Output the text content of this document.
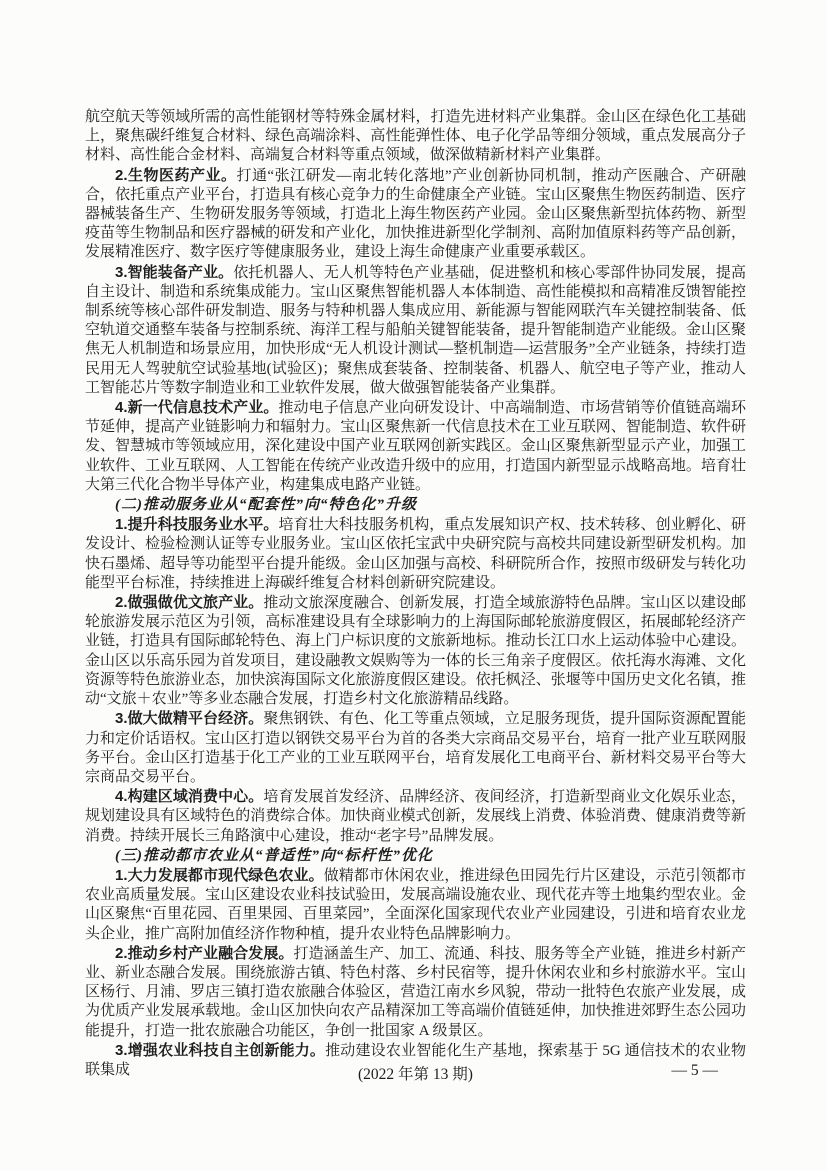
航空航天等领域所需的高性能钢材等特殊金属材料，打造先进材料产业集群。金山区在绿色化工基础上，聚焦碳纤维复合材料、绿色高端涂料、高性能弹性体、电子化学品等细分领域，重点发展高分子材料、高性能合金材料、高端复合材料等重点领域，做深做精新材料产业集群。

2.生物医药产业。打通“张江研发—南北转化落地”产业创新协同机制，推动产医融合、产研融合，依托重点产业平台，打造具有核心竞争力的生命健康全产业链。宝山区聚焦生物医药制造、医疗器械装备生产、生物研发服务等领域，打造北上海生物医药产业园。金山区聚焦新型抗体药物、新型疫苗等生物制品和医疗器械的研发和产业化，加快推进新型化学制剂、高附加值原料药等产品创新，发展精准医疗、数字医疗等健康服务业，建设上海生命健康产业重要承载区。

3.智能装备产业。依托机器人、无人机等特色产业基础，促进整机和核心零部件协同发展，提高自主设计、制造和系统集成能力。宝山区聚焦智能机器人本体制造、高性能模拟和高精准反馈智能控制系统等核心部件研发制造、服务与特种机器人集成应用、新能源与智能网联汽车关键控制装备、低空轨道交通整车装备与控制系统、海洋工程与船舶关键智能装备，提升智能制造产业能级。金山区聚焦无人机制造和场景应用，加快形成“无人机设计测试—整机制造—运营服务”全产业链条，持续打造民用无人驾驶航空试验基地(试验区)；聚焦成套装备、控制装备、机器人、航空电子等产业，推动人工智能芯片等数字制造业和工业软件发展，做大做强智能装备产业集群。

4.新一代信息技术产业。推动电子信息产业向研发设计、中高端制造、市场营销等价值链高端环节延伸，提高产业链影响力和辐射力。宝山区聚焦新一代信息技术在工业互联网、智能制造、软件研发、智慧城市等领域应用，深化建设中国产业互联网创新实践区。金山区聚焦新型显示产业，加强工业软件、工业互联网、人工智能在传统产业改造升级中的应用，打造国内新型显示战略高地。培育壮大第三代化合物半导体产业，构建集成电路产业链。

(二)推动服务业从“配套性”向“特色化”升级

1.提升科技服务业水平。培育壮大科技服务机构，重点发展知识产权、技术转移、创业孵化、研发设计、检验检测认证等专业服务业。宝山区依托宝武中央研究院与高校共同建设新型研发机构。加快石墨烯、超导等功能型平台提升能级。金山区加强与高校、科研院所合作，按照市级研发与转化功能型平台标准，持续推进上海碳纤维复合材料创新研究院建设。

2.做强做优文旅产业。推动文旅深度融合、创新发展，打造全域旅游特色品牌。宝山区以建设邮轮旅游发展示范区为引领，高标准建设具有全球影响力的上海国际邮轮旅游度假区，拓展邮轮经济产业链，打造具有国际邮轮特色、海上门户标识度的文旅新地标。推动长江口水上运动体验中心建设。金山区以乐高乐园为首发项目，建设融教文娱购等为一体的长三角亲子度假区。依托海水海滩、文化资源等特色旅游业态，加快滨海国际文化旅游度假区建设。依托枫泾、张堰等中国历史文化名镇，推动“文旅＋农业”等多业态融合发展，打造乡村文化旅游精品线路。

3.做大做精平台经济。聚焦钢铁、有色、化工等重点领域，立足服务现货，提升国际资源配置能力和定价话语权。宝山区打造以钢铁交易平台为首的各类大宗商品交易平台，培育一批产业互联网服务平台。金山区打造基于化工产业的工业互联网平台，培育发展化工电商平台、新材料交易平台等大宗商品交易平台。

4.构建区域消费中心。培育发展首发经济、品牌经济、夜间经济，打造新型商业文化娱乐业态，规划建设具有区域特色的消费综合体。加快商业模式创新，发展线上消费、体验消费、健康消费等新消费。持续开展长三角路演中心建设，推动“老字号”品牌发展。

(三)推动都市农业从“普适性”向“标杆性”优化

1.大力发展都市现代绿色农业。做精都市休闲农业，推进绿色田园先行片区建设，示范引领都市农业高质量发展。宝山区建设农业科技试验田，发展高端设施农业、现代花卉等土地集约型农业。金山区聚焦“百里花园、百里果园、百里菜园”，全面深化国家现代农业产业园建设，引进和培育农业龙头企业，推广高附加值经济作物种植，提升农业特色品牌影响力。

2.推动乡村产业融合发展。打造涵盖生产、加工、流通、科技、服务等全产业链，推进乡村新产业、新业态融合发展。围绕旅游古镇、特色村落、乡村民宿等，提升休闲农业和乡村旅游水平。宝山区杨行、月浦、罗店三镇打造农旅融合体验区，营造江南水乡风貌，带动一批特色农旅产业发展，成为优质产业发展承载地。金山区加快向农产品精深加工等高端价值链延伸，加快推进郊野生态公园功能提升，打造一批农旅融合功能区，争创一批国家 A 级景区。

3.增强农业科技自主创新能力。推动建设农业智能化生产基地，探索基于 5G 通信技术的农业物联集成	(2022 年第 13 期)	— 5 —
